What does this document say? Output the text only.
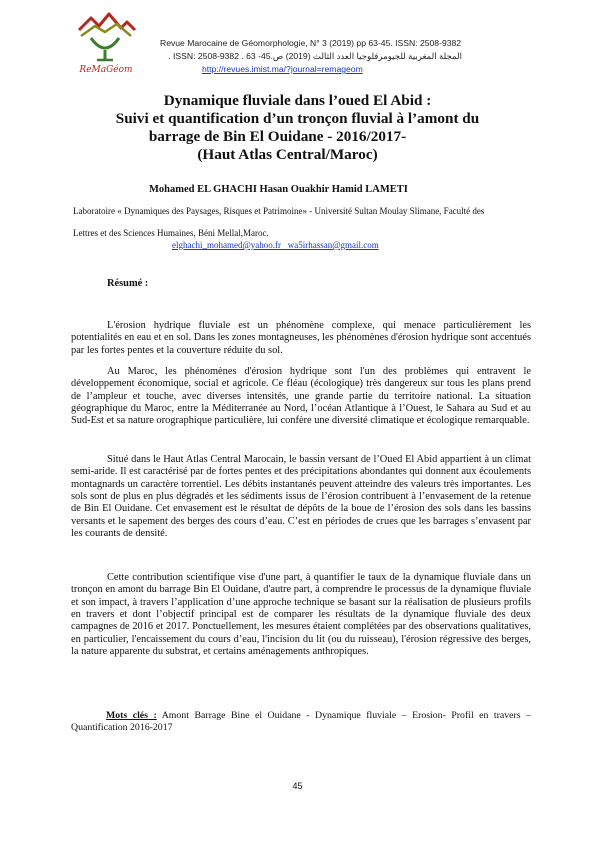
ReMaGéom
Revue Marocaine de Géomorphologie, N° 3 (2019) pp 63-45. ISSN: 2508-9382
المجلة المغربية للجيومرفلوجيا العدد الثالث (2019) ص.45- 63 . ISSN: 2508-9382 .
http://revues.imist.ma/?journal=remageom
Dynamique fluviale dans l’oued El Abid :
Suivi et quantification d’un tronçon fluvial à l’amont du
barrage de Bin El Ouidane - 2016/2017-
(Haut Atlas Central/Maroc)
Mohamed EL GHACHI Hasan Ouakhir Hamid LAMETI
Laboratoire « Dynamiques des Paysages, Risques et Patrimoine» - Université Sultan Moulay Slimane, Faculté des
Lettres et des Sciences Humaines, Béni Mellal,Maroc.
elghachi_mohamed@yahoo.fr   wa5irhassan@gmail.com
Résumé :

L'érosion hydrique fluviale est un phénomène complexe, qui menace particulièrement les potentialités en eau et en sol. Dans les zones montagneuses, les phénomènes d'érosion hydrique sont accentués par les fortes pentes et la couverture réduite du sol.

Au Maroc, les phénomènes d'érosion hydrique sont l'un des problèmes qui entravent le développement économique, social et agricole. Ce fléau (écologique) très dangereux sur tous les plans prend de l’ampleur et touche, avec diverses intensités, une grande partie du territoire national. La situation géographique du Maroc, entre la Méditerranée au Nord, l’océan Atlantique à l’Ouest, le Sahara au Sud et au Sud-Est et sa nature orographique particulière, lui confère une diversité climatique et écologique remarquable.

Situé dans le Haut Atlas Central Marocain, le bassin versant de l’Oued El Abid appartient à un climat semi-aride. Il est caractérisé par de fortes pentes et des précipitations abondantes qui donnent aux écoulements montagnards un caractère torrentiel. Les débits instantanés peuvent atteindre des valeurs très importantes. Les sols sont de plus en plus dégradés et les sédiments issus de l’érosion contribuent à l’envasement de la retenue de Bin El Ouidane. Cet envasement est le résultat de dépôts de la boue de l’érosion des sols dans les bassins versants et le sapement des berges des cours d’eau. C’est en périodes de crues que les barrages s’envasent par les courants de densité.

Cette contribution scientifique vise d'une part, à quantifier le taux de la dynamique fluviale dans un tronçon en amont du barrage Bin El Ouidane, d'autre part, à comprendre le processus de la dynamique fluviale et son impact, à travers l’application d’une approche technique se basant sur la réalisation de plusieurs profils en travers et dont l’objectif principal est de comparer les résultats de la dynamique fluviale des deux campagnes de 2016 et 2017. Ponctuellement, les mesures étaient complétées par des observations qualitatives, en particulier, l'encaissement du cours d’eau, l'incision du lit (ou du ruisseau), l'érosion régressive des berges, la nature apparente du substrat, et certains aménagements anthropiques.

Mots clés : Amont Barrage Bine el Ouidane - Dynamique fluviale – Erosion- Profil en travers – Quantification 2016-2017

45
